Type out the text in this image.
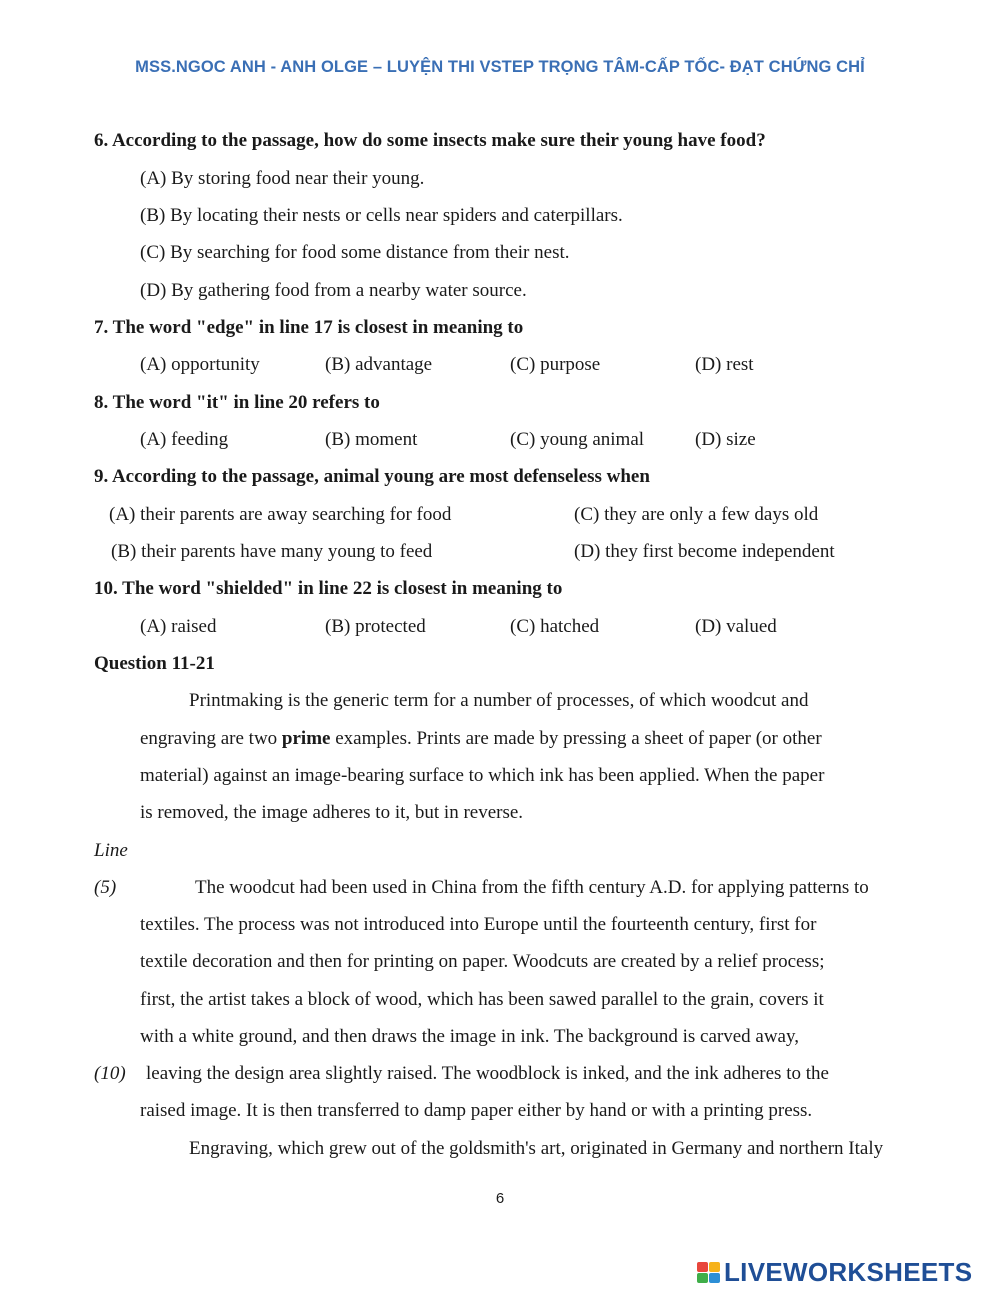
MSS.NGOC ANH - ANH OLGE – LUYỆN THI VSTEP TRỌNG TÂM-CẤP TỐC- ĐẠT CHỨNG CHỈ
6. According to the passage, how do some insects make sure their young have food?
(A) By storing food near their young.
(B) By locating their nests or cells near spiders and caterpillars.
(C) By searching for food some distance from their nest.
(D) By gathering food from a nearby water source.
7. The word "edge" in line 17 is closest in meaning to
(A) opportunity	(B) advantage	(C) purpose	(D) rest
8. The word "it" in line 20 refers to
(A) feeding	(B) moment	(C) young animal	(D) size
9. According to the passage, animal young are most defenseless when
(A) their parents are away searching for food	(C) they are only a few days old
(B) their parents have many young to feed	(D) they first become independent
10. The word "shielded" in line 22 is closest in meaning to
(A) raised	(B) protected	(C) hatched	(D) valued
Question 11-21
Printmaking is the generic term for a number of processes, of which woodcut and
engraving are two prime examples. Prints are made by pressing a sheet of paper (or other
material) against an image-bearing surface to which ink has been applied. When the paper
is removed, the image adheres to it, but in reverse.
Line
(5)	The woodcut had been used in China from the fifth century A.D. for applying patterns to
textiles. The process was not introduced into Europe until the fourteenth century, first for
textile decoration and then for printing on paper. Woodcuts are created by a relief process;
first, the artist takes a block of wood, which has been sawed parallel to the grain, covers it
with a white ground, and then draws the image in ink. The background is carved away,
(10) leaving the design area slightly raised. The woodblock is inked, and the ink adheres to the
raised image. It is then transferred to damp paper either by hand or with a printing press.
Engraving, which grew out of the goldsmith's art, originated in Germany and northern Italy
6
LIVEWORKSHEETS
